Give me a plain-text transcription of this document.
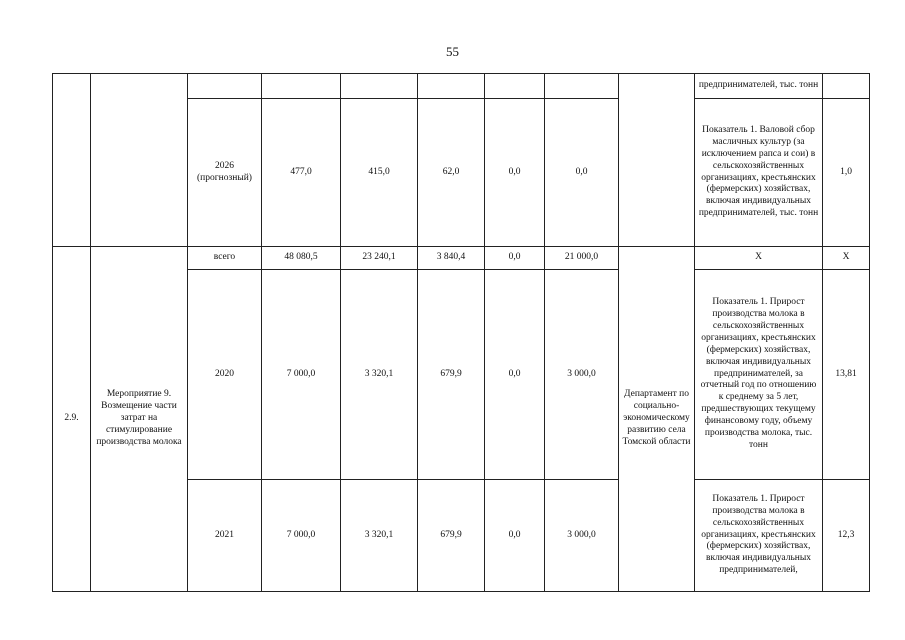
55
									предпринимателей, тыс. тонн	
		2026 (прогнозный)	477,0	415,0	62,0	0,0	0,0		Показатель 1. Валовой сбор масличных культур (за исключением рапса и сои) в сельскохозяйственных организациях, крестьянских (фермерских) хозяйствах, включая индивидуальных предпринимателей, тыс. тонн	1,0
2.9.	Мероприятие 9. Возмещение части затрат на стимулирование производства молока	всего	48 080,5	23 240,1	3 840,4	0,0	21 000,0	Департамент по социально-экономическому развитию села Томской области	X	X
		2020	7 000,0	3 320,1	679,9	0,0	3 000,0		Показатель 1. Прирост производства молока в сельскохозяйственных организациях, крестьянских (фермерских) хозяйствах, включая индивидуальных предпринимателей, за отчетный год по отношению к среднему за 5 лет, предшествующих текущему финансовому году, объему производства молока, тыс. тонн	13,81
		2021	7 000,0	3 320,1	679,9	0,0	3 000,0		Показатель 1. Прирост производства молока в сельскохозяйственных организациях, крестьянских (фермерских) хозяйствах, включая индивидуальных предпринимателей,	12,3
